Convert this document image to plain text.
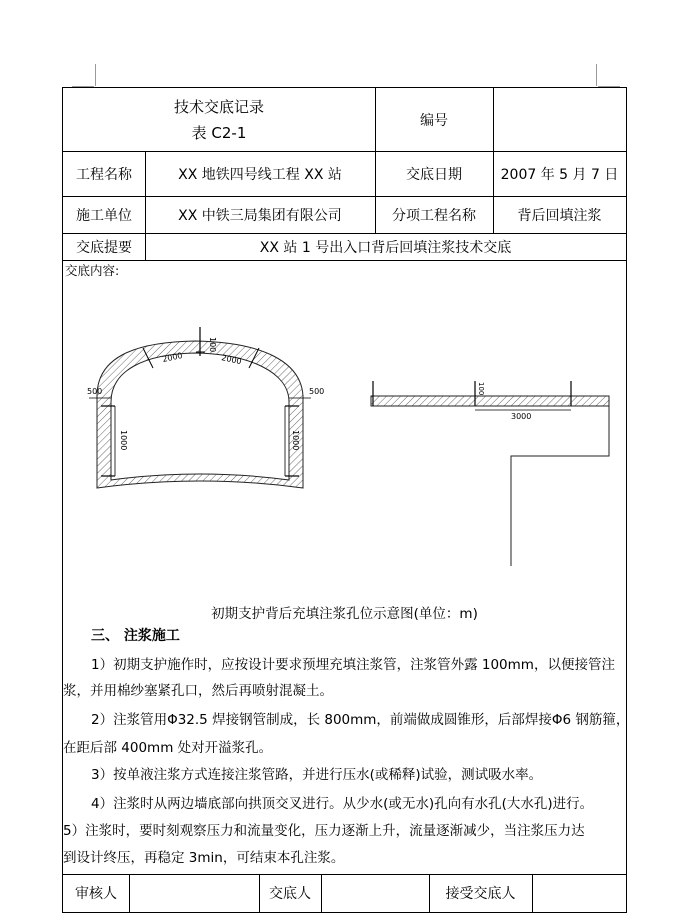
技术交底记录
表 C2-1
编号
工程名称	XX 地铁四号线工程 XX 站	交底日期	2007 年 5 月 7 日
施工单位	XX 中铁三局集团有限公司	分项工程名称	背后回填注浆
交底提要	XX 站 1 号出入口背后回填注浆技术交底
交底内容:
100
2000	2000
500
1000
500
1000
100
3000
初期支护背后充填注浆孔位示意图(单位：m)
三、 注浆施工
1）初期支护施作时，应按设计要求预埋充填注浆管，注浆管外露 100mm，以便接管注
浆，并用棉纱塞紧孔口，然后再喷射混凝土。
2）注浆管用Φ32.5 焊接钢管制成，长 800mm，前端做成圆锥形，后部焊接Φ6 钢筋箍，
在距后部 400mm 处对开溢浆孔。
3）按单液注浆方式连接注浆管路，并进行压水(或稀释)试验，测试吸水率。
4）注浆时从两边墙底部向拱顶交叉进行。从少水(或无水)孔向有水孔(大水孔)进行。
5）注浆时，要时刻观察压力和流量变化，压力逐渐上升，流量逐渐减少，当注浆压力达
到设计终压，再稳定 3min，可结束本孔注浆。
审核人	交底人	接受交底人
